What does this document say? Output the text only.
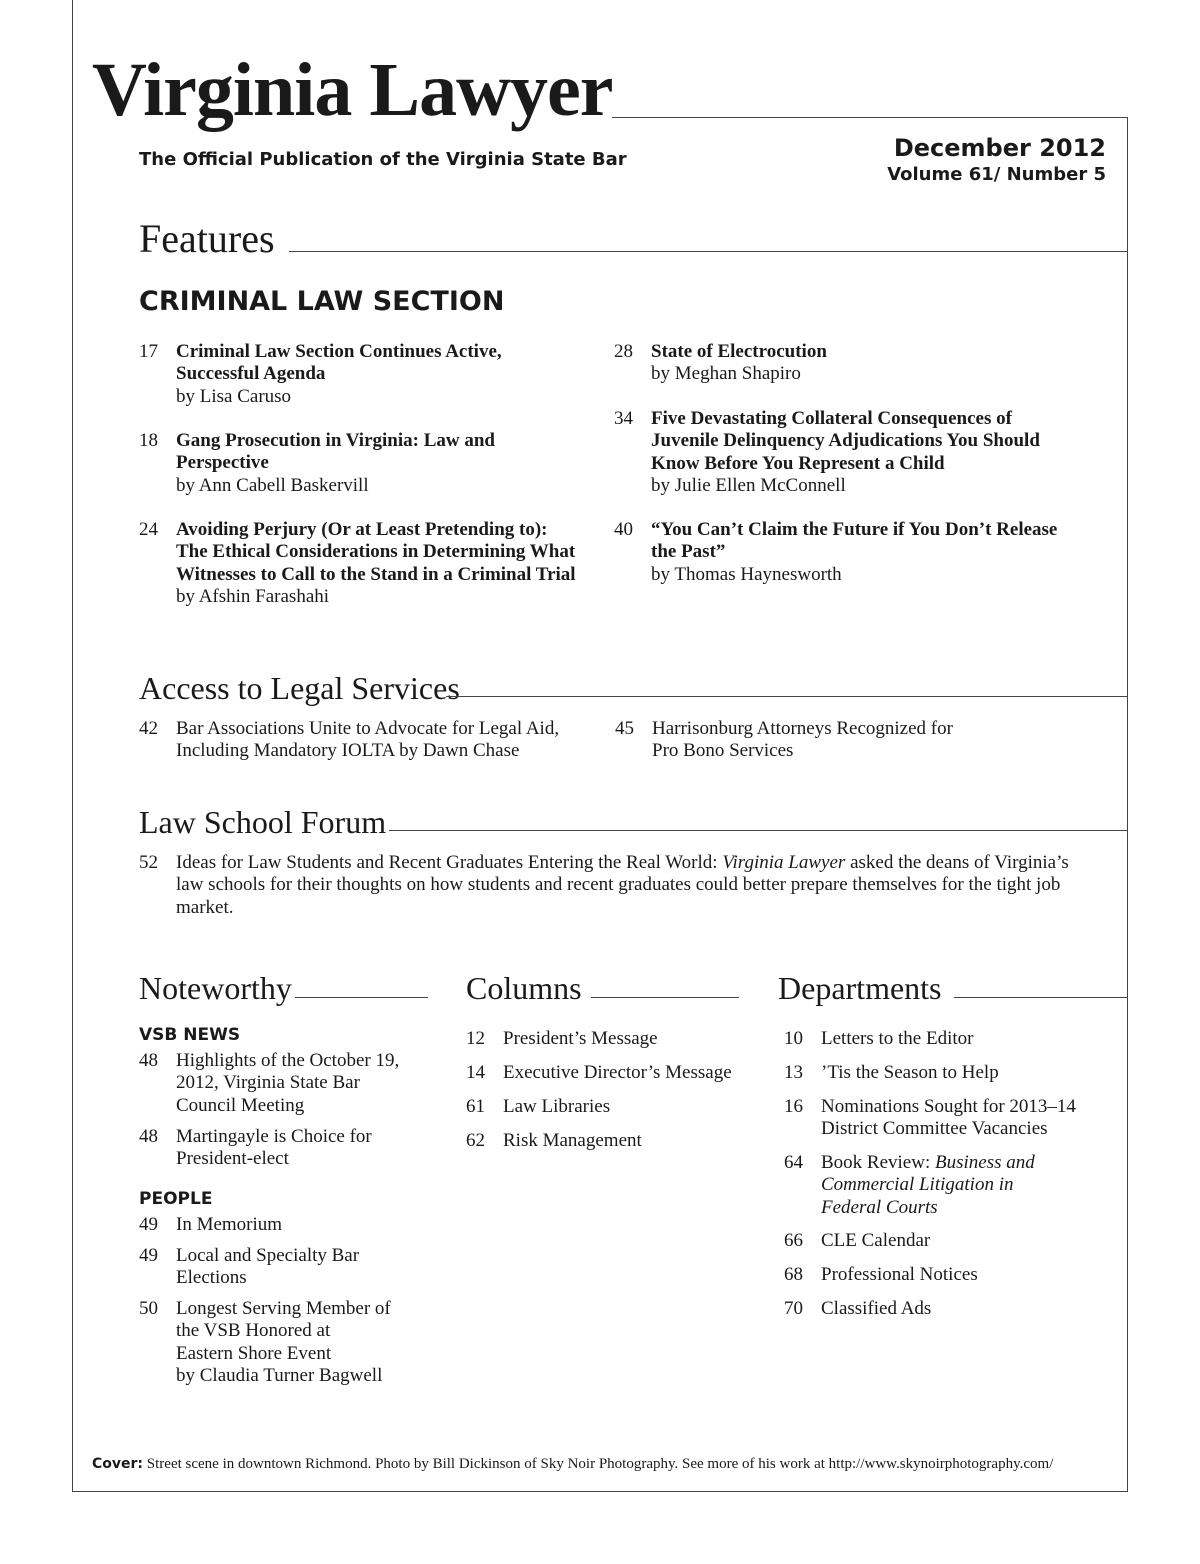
Virginia Lawyer
The Official Publication of the Virginia State Bar	December 2012
Volume 61/ Number 5
Features
CRIMINAL LAW SECTION
17 Criminal Law Section Continues Active, Successful Agenda
by Lisa Caruso
18 Gang Prosecution in Virginia: Law and Perspective
by Ann Cabell Baskervill
24 Avoiding Perjury (Or at Least Pretending to): The Ethical Considerations in Determining What Witnesses to Call to the Stand in a Criminal Trial
by Afshin Farashahi
28 State of Electrocution
by Meghan Shapiro
34 Five Devastating Collateral Consequences of Juvenile Delinquency Adjudications You Should Know Before You Represent a Child
by Julie Ellen McConnell
40 “You Can’t Claim the Future if You Don’t Release the Past”
by Thomas Haynesworth
Access to Legal Services
42 Bar Associations Unite to Advocate for Legal Aid, Including Mandatory IOLTA by Dawn Chase
45 Harrisonburg Attorneys Recognized for Pro Bono Services
Law School Forum
52 Ideas for Law Students and Recent Graduates Entering the Real World: Virginia Lawyer asked the deans of Virginia’s law schools for their thoughts on how students and recent graduates could better prepare themselves for the tight job market.
Noteworthy
VSB NEWS
48 Highlights of the October 19, 2012, Virginia State Bar Council Meeting
48 Martingayle is Choice for President-elect
PEOPLE
49 In Memorium
49 Local and Specialty Bar Elections
50 Longest Serving Member of the VSB Honored at Eastern Shore Event
by Claudia Turner Bagwell
Columns
12 President’s Message
14 Executive Director’s Message
61 Law Libraries
62 Risk Management
Departments
10 Letters to the Editor
13 ’Tis the Season to Help
16 Nominations Sought for 2013–14 District Committee Vacancies
64 Book Review: Business and Commercial Litigation in Federal Courts
66 CLE Calendar
68 Professional Notices
70 Classified Ads
Cover: Street scene in downtown Richmond. Photo by Bill Dickinson of Sky Noir Photography. See more of his work at http://www.skynoirphotography.com/
